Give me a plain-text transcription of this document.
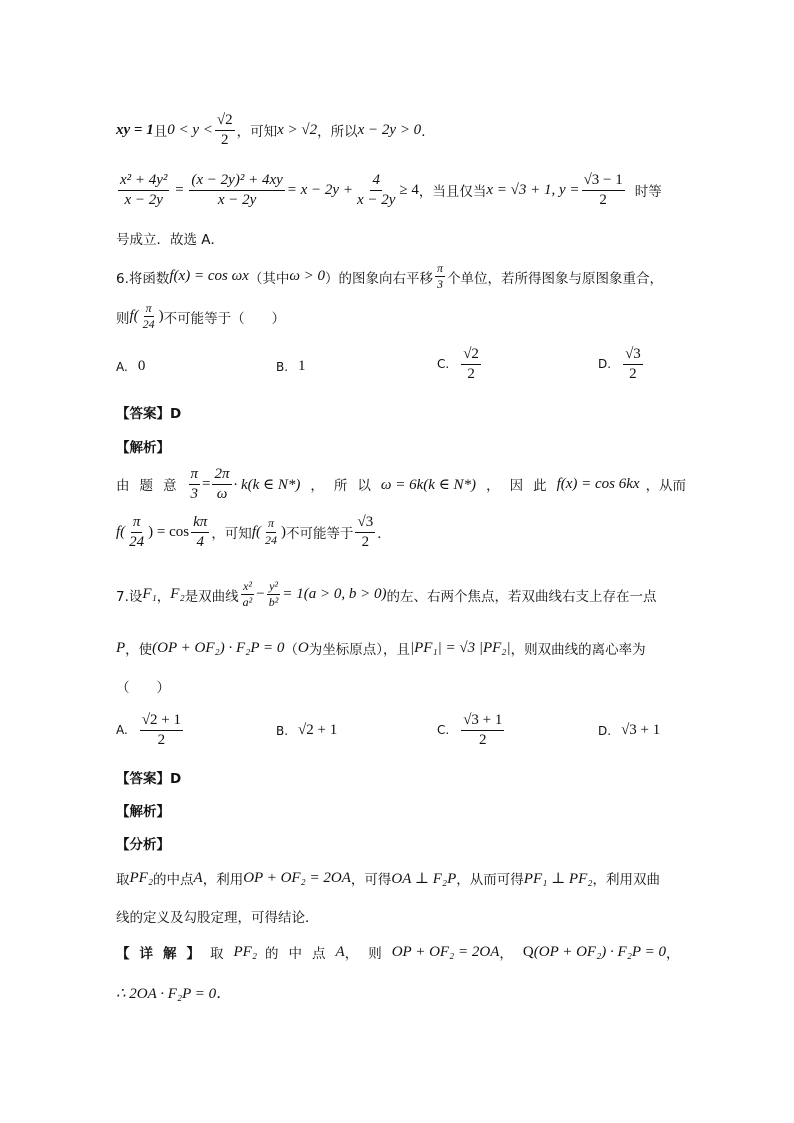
xy = 1 且 $0 < y < \frac{√2}{2}$ ，可知 x > √2 ，所以 x − 2y > 0 ．
$\frac{\text{x² + 4y²}}{x - 2y} = \frac{\text{(x − 2y)² + 4xy}}{x - 2y} = x - 2y + \frac{4}{x - 2y} \ge 4$ ，当且仅当 x = √3 + 1, $y = \frac{√3 - 1}{2}$ 时等
号成立．故选 A．
6.将函数 f(x) = cos ωx （其中 ω > 0 ）的图象向右平移 $\frac{\pi}{3}$ 个单位，若所得图象与原图象重合，
则 $f( \frac{\pi}{24}$ ) 不可能等于（　　）
A. 0	B. 1	C. $\frac{√2}{2}$	D. $\frac{√3}{2}$
【答案】D
【解析】
由 题 意 $\frac{\pi}{3} = \frac{2\pi}{\omega} \cdot k(k$ ∈ N*) ， 所 以 ω = 6k(k ∈ N*) ， 因 此 f(x) = cos 6kx ，从而
$f( \frac{\pi}{24}$ ) = $\cos \frac{k\pi}{4}$ ，可知 $f( \frac{\pi}{24}$ ) 不可能等于 $\frac{√3}{2}$ ．
7.设 F₁ ， F₂ 是双曲线 $\frac{\text{x²}}{\text{a²}} - \frac{\text{y²}}{\text{b²}} = 1(a > 0$, b > 0) 的左、右两个焦点，若双曲线右支上存在一点
P ，使 (OP + OF₂) · F₂P = 0 （ O 为坐标原点），且 |PF₁| = √3 |PF₂| ，则双曲线的离心率为
（　　）
A. $\frac{√2 + 1}{2}$	B. √2 + 1	C. $\frac{√3 + 1}{2}$	D. √3 + 1
【答案】D
【解析】
【分析】
取 PF₂ 的中点 A ，利用 OP + OF₂ = 2OA ，可得 OA ⊥ F₂P ，从而可得 PF₁ ⊥ PF₂ ，利用双曲
线的定义及勾股定理，可得结论．
【 详 解 】 取 PF₂ 的 中 点 A ， 则 OP + OF₂ = 2OA ， Q (OP + OF₂) · F₂P = 0 ，
∴ 2OA · F₂P = 0．
